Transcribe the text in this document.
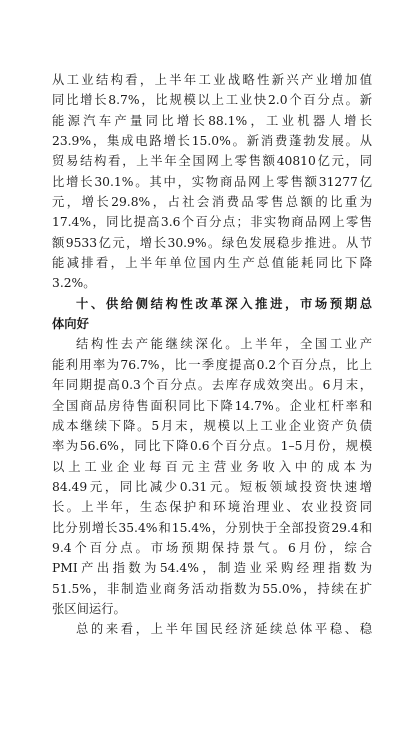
从工业结构看，上半年工业战略性新兴产业增加值
同比增长8.7%，比规模以上工业快2.0个百分点。新
能源汽车产量同比增长88.1%，工业机器人增长
23.9%，集成电路增长15.0%。新消费蓬勃发展。从
贸易结构看，上半年全国网上零售额40810亿元，同
比增长30.1%。其中，实物商品网上零售额31277亿
元，增长29.8%，占社会消费品零售总额的比重为
17.4%，同比提高3.6个百分点；非实物商品网上零售
额9533亿元，增长30.9%。绿色发展稳步推进。从节
能减排看，上半年单位国内生产总值能耗同比下降
3.2%。
十、供给侧结构性改革深入推进，市场预期总
体向好
结构性去产能继续深化。上半年，全国工业产
能利用率为76.7%，比一季度提高0.2个百分点，比上
年同期提高0.3个百分点。去库存成效突出。6月末，
全国商品房待售面积同比下降14.7%。企业杠杆率和
成本继续下降。5月末，规模以上工业企业资产负债
率为56.6%，同比下降0.6个百分点。1–5月份，规模
以上工业企业每百元主营业务收入中的成本为
84.49元，同比减少0.31元。短板领域投资快速增
长。上半年，生态保护和环境治理业、农业投资同
比分别增长35.4%和15.4%，分别快于全部投资29.4和
9.4个百分点。市场预期保持景气。6月份，综合
PMI产出指数为54.4%，制造业采购经理指数为
51.5%，非制造业商务活动指数为55.0%，持续在扩
张区间运行。
总的来看，上半年国民经济延续总体平稳、稳
